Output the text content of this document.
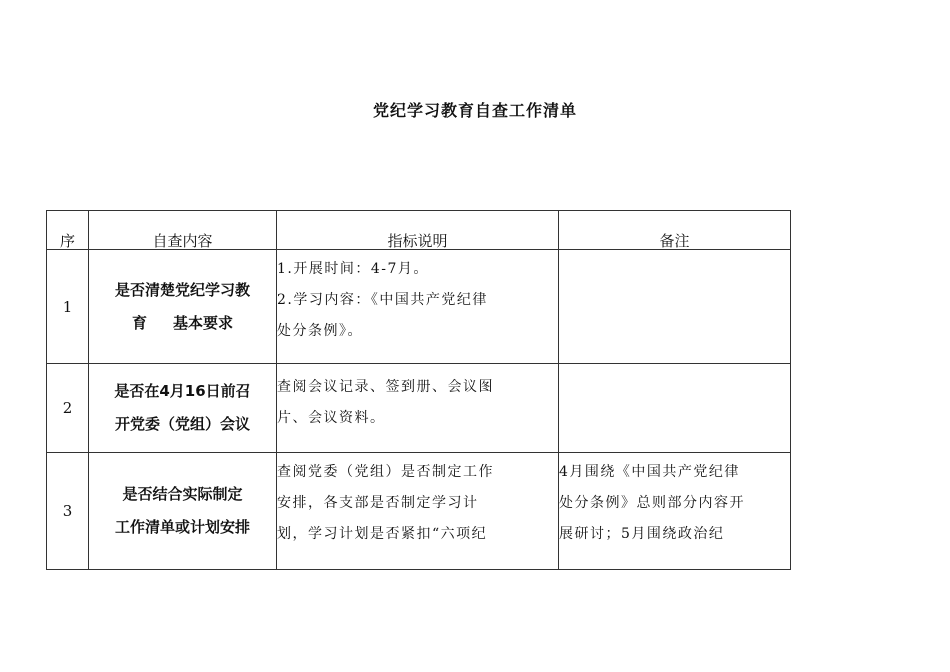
党纪学习教育自查工作清单
序	自查内容	指标说明	备注
1	是否清楚党纪学习教
育 基本要求	1.开展时间：4-7月。
2.学习内容：《中国共产党纪律
处分条例》。	

2	是否在4月16日前召
开党委（党组）会议	查阅会议记录、签到册、会议图
片、会议资料。	

3	是否结合实际制定
工作清单或计划安排	查阅党委（党组）是否制定工作
安排，各支部是否制定学习计
划，学习计划是否紧扣“六项纪	4月围绕《中国共产党纪律
处分条例》总则部分内容开
展研讨；5月围绕政治纪
